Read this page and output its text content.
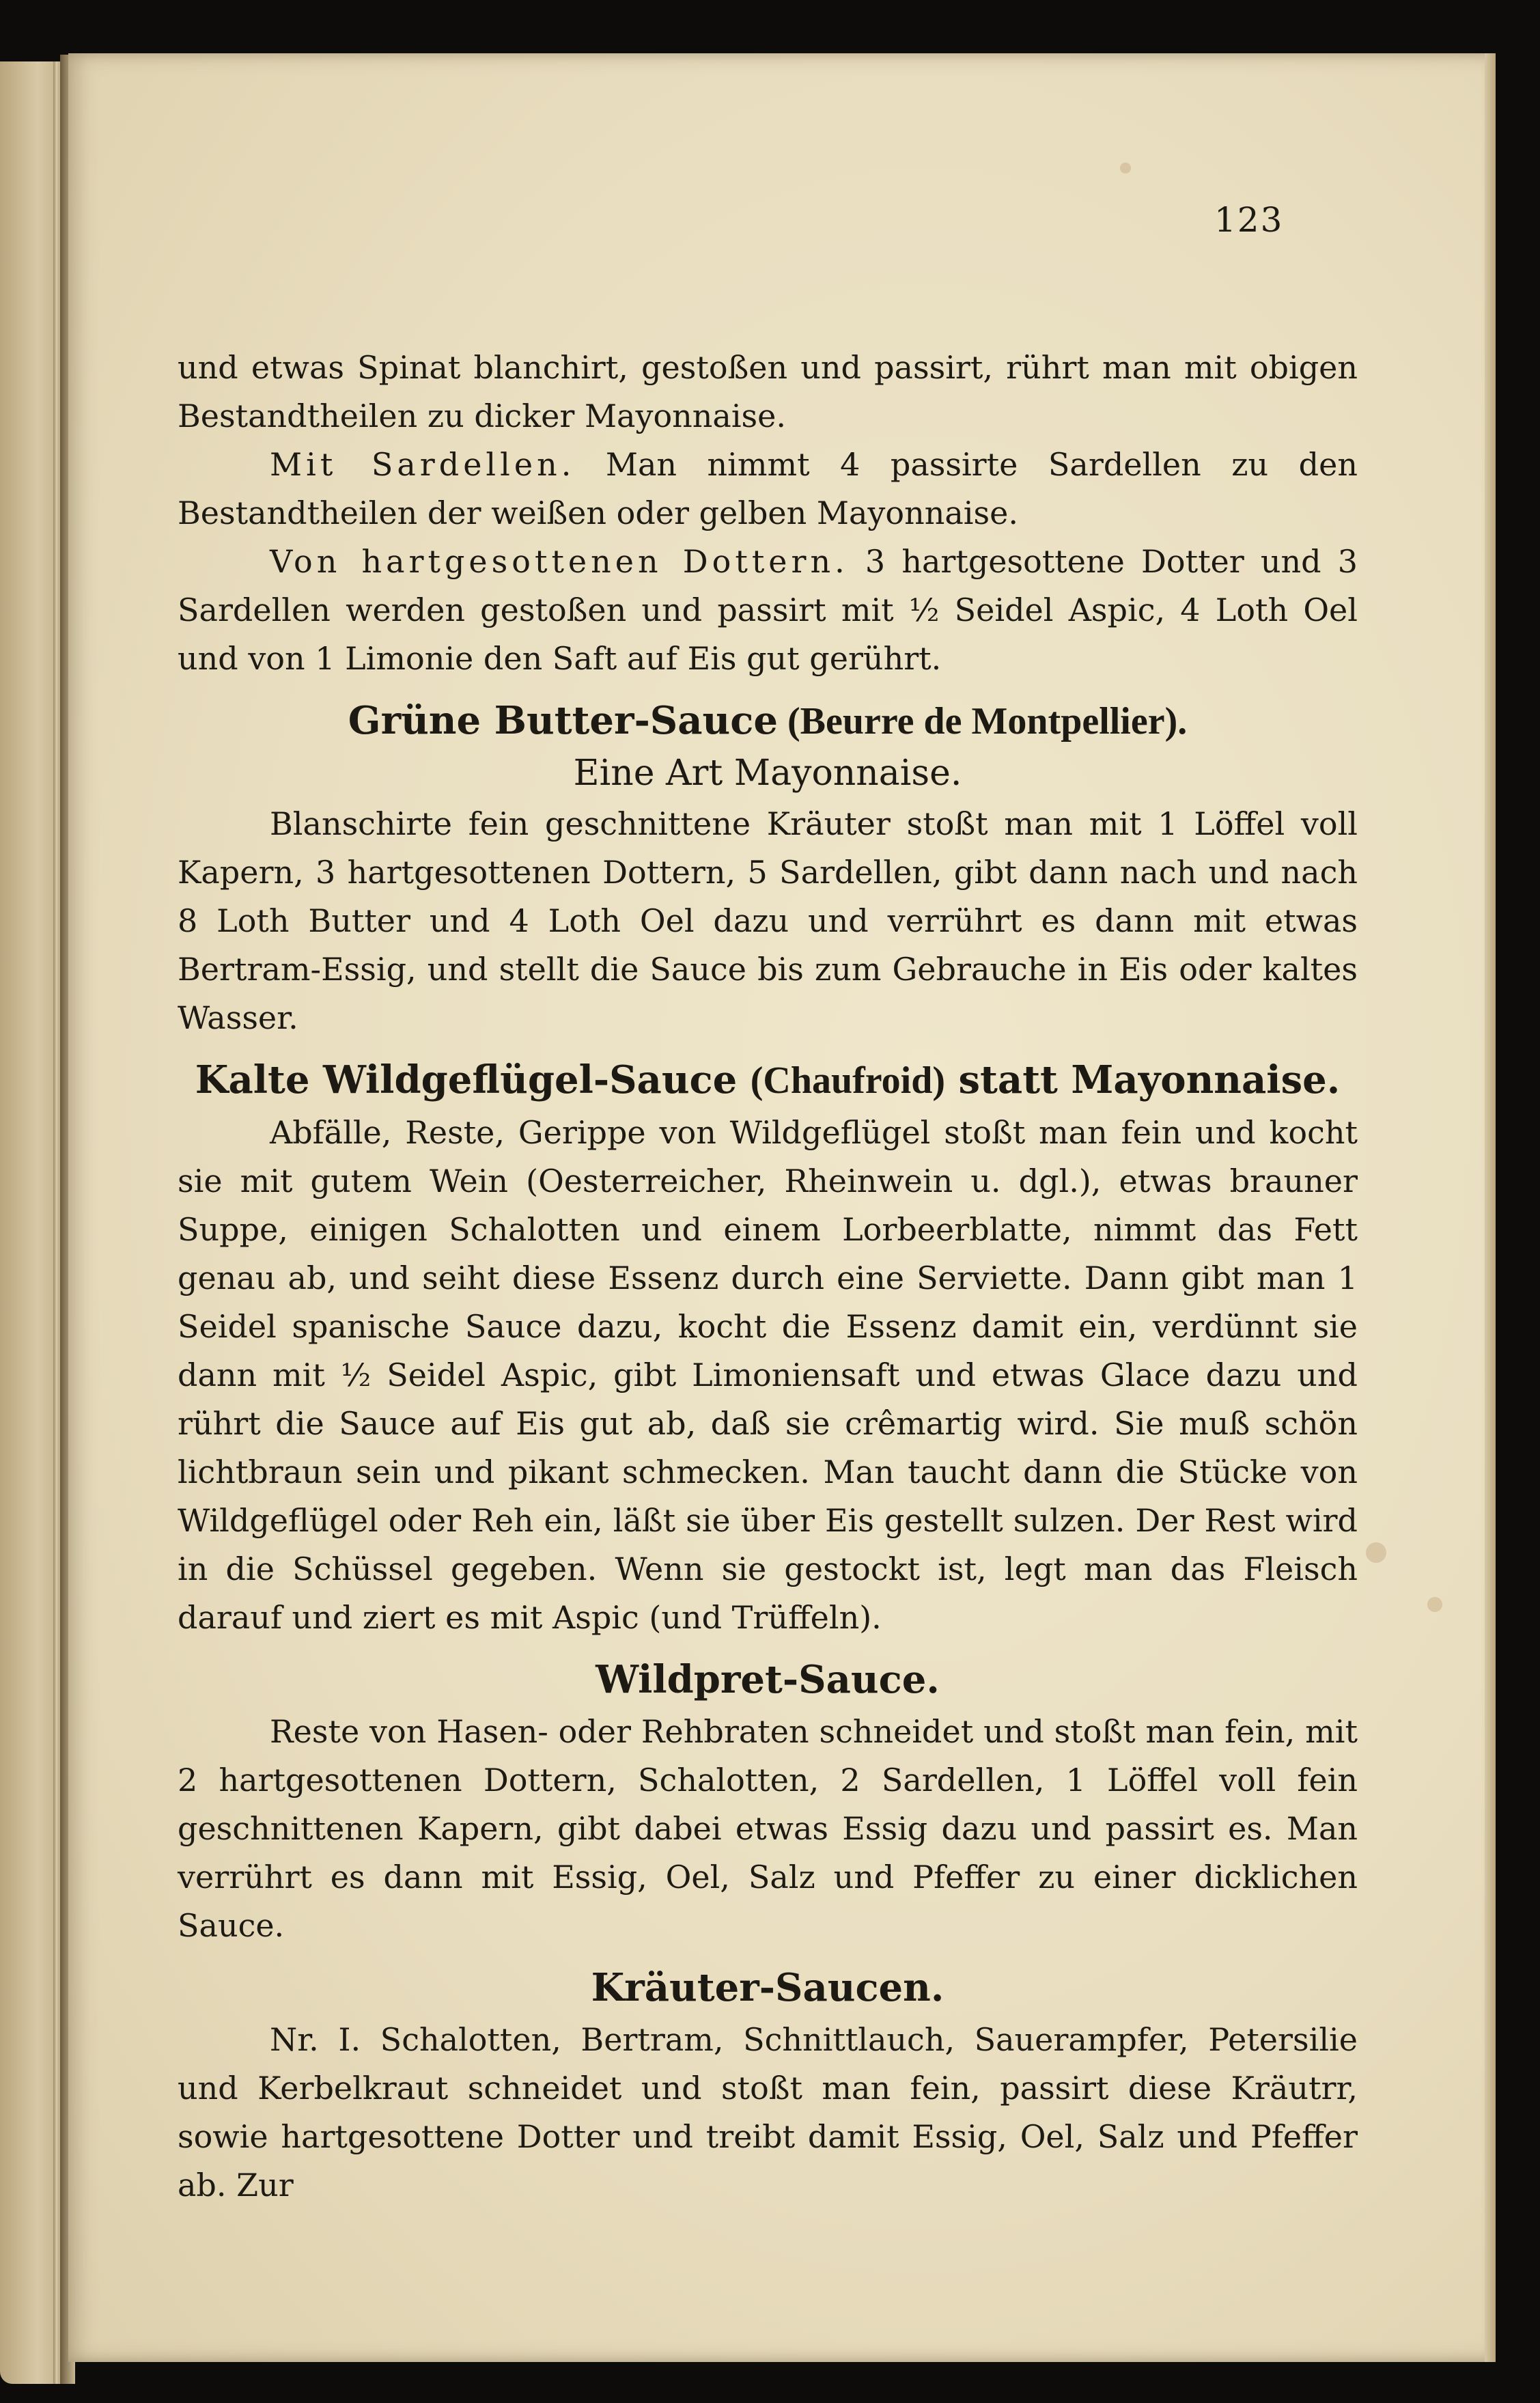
123

und etwas Spinat blanchirt, gestoßen und passirt, rührt man mit obigen Bestandtheilen zu dicker Mayonnaise.

Mit Sardellen. Man nimmt 4 passirte Sardellen zu den Bestandtheilen der weißen oder gelben Mayonnaise.

Von hartgesottenen Dottern. 3 hartgesottene Dotter und 3 Sardellen werden gestoßen und passirt mit ½ Seidel Aspic, 4 Loth Oel und von 1 Limonie den Saft auf Eis gut gerührt.

Grüne Butter-Sauce (Beurre de Montpellier).
Eine Art Mayonnaise.

Blanschirte fein geschnittene Kräuter stoßt man mit 1 Löffel voll Kapern, 3 hartgesottenen Dottern, 5 Sardellen, gibt dann nach und nach 8 Loth Butter und 4 Loth Oel dazu und verrührt es dann mit etwas Bertram-Essig, und stellt die Sauce bis zum Gebrauche in Eis oder kaltes Wasser.

Kalte Wildgeflügel-Sauce (Chaufroid) statt Mayonnaise.

Abfälle, Reste, Gerippe von Wildgeflügel stoßt man fein und kocht sie mit gutem Wein (Oesterreicher, Rheinwein u. dgl.), etwas brauner Suppe, einigen Schalotten und einem Lorbeerblatte, nimmt das Fett genau ab, und seiht diese Essenz durch eine Serviette. Dann gibt man 1 Seidel spanische Sauce dazu, kocht die Essenz damit ein, verdünnt sie dann mit ½ Seidel Aspic, gibt Limoniensaft und etwas Glace dazu und rührt die Sauce auf Eis gut ab, daß sie crêmartig wird. Sie muß schön lichtbraun sein und pikant schmecken. Man taucht dann die Stücke von Wildgeflügel oder Reh ein, läßt sie über Eis gestellt sulzen. Der Rest wird in die Schüssel gegeben. Wenn sie gestockt ist, legt man das Fleisch darauf und ziert es mit Aspic (und Trüffeln).

Wildpret-Sauce.

Reste von Hasen- oder Rehbraten schneidet und stoßt man fein, mit 2 hartgesottenen Dottern, Schalotten, 2 Sardellen, 1 Löffel voll fein geschnittenen Kapern, gibt dabei etwas Essig dazu und passirt es. Man verrührt es dann mit Essig, Oel, Salz und Pfeffer zu einer dicklichen Sauce.

Kräuter-Saucen.

Nr. I. Schalotten, Bertram, Schnittlauch, Sauerampfer, Petersilie und Kerbelkraut schneidet und stoßt man fein, passirt diese Kräutrr, sowie hartgesottene Dotter und treibt damit Essig, Oel, Salz und Pfeffer ab. Zur
